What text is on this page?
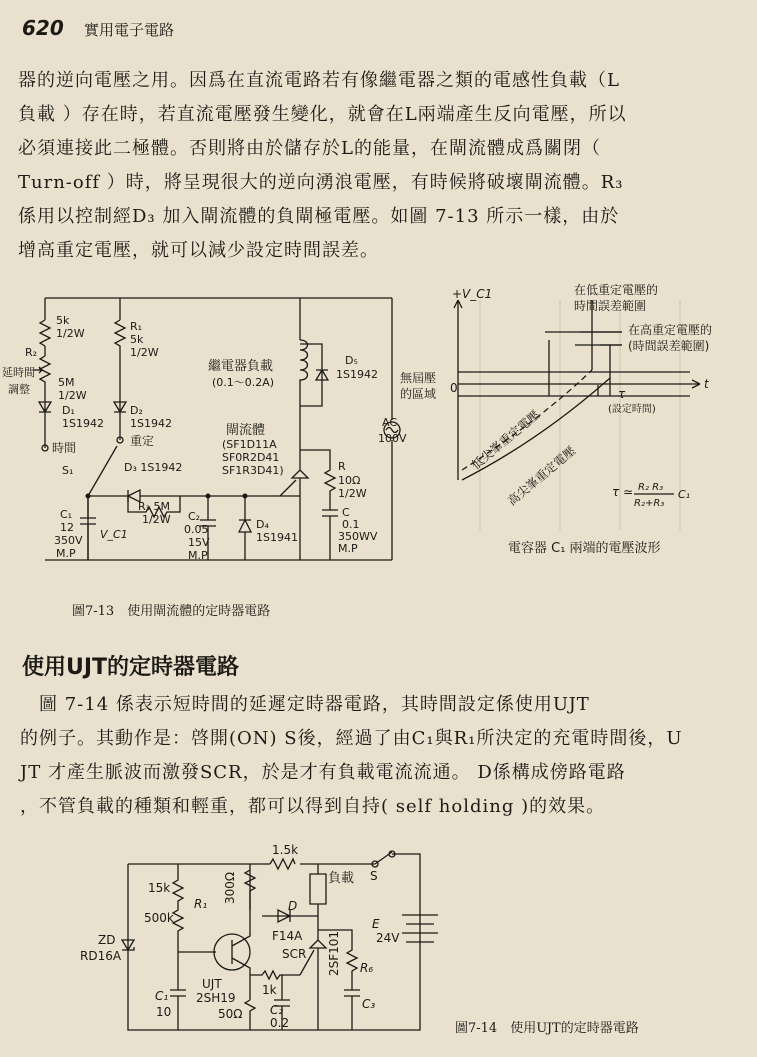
620 實用電子電路

器的逆向電壓之用。因爲在直流電路若有像繼電器之類的電感性負載（L

負載 ）存在時，若直流電壓發生變化，就會在L兩端產生反向電壓，所以

必須連接此二極體。否則將由於儲存於L的能量，在閘流體成爲關閉（

Turn-off ）時，將呈現很大的逆向湧浪電壓，有時候將破壞閘流體。R₃

係用以控制經D₃ 加入閘流體的負閘極電壓。如圖 7-13 所示一樣，由於

增高重定電壓，就可以減少設定時間誤差。

5k
1/2W
R₂
延時間
調整
5M
1/2W
D₁
1S1942
R₁
5k
1/2W
D₂
1S1942
時間	重定
S₁	D₃ 1S1942
R₃ 5M
1/2W
C₁
12
350V
M.P
V_C1
C₂
0.05
15V
M.P
D₄
1S1941
繼電器負載
(0.1～0.2A)
D₅
1S1942
閘流體
(SF1D11A
SF0R2D41
SF1R3D41)	R
10Ω
1/2W
C
0.1
350WV
M.P
AC
100V
+V_C1
t
在低重定電壓的
時間誤差範圍
在高重定電壓的
(時間誤差範圍)
無屆壓
的區域 0	τ
(設定時間)
低尖峯重定電壓
高尖峯重定電壓	τ ≃ R₂ R₃
R₂+R₃
C₁
電容器 C₁ 兩端的電壓波形
1.5k
S
15k
500k
R₁ 300Ω	負載
D
F14A
SCR 2SF101
E
24V
ZD
RD16A
UJT
2SH19
1k
R₆
C₁
10	50Ω C₂
0.2
C₃
圖7-13　使用閘流體的定時器電路
使用UJT的定時器電路

　圖 7-14 係表示短時間的延遲定時器電路，其時間設定係使用UJT

的例子。其動作是：啓開(ON) S後，經過了由C₁與R₁所決定的充電時間後，U

JT 才產生脈波而激發SCR，於是才有負載電流流通。 D係構成傍路電路

，不管負載的種類和輕重，都可以得到自持( self holding )的效果。

圖7-14　使用UJT的定時器電路
